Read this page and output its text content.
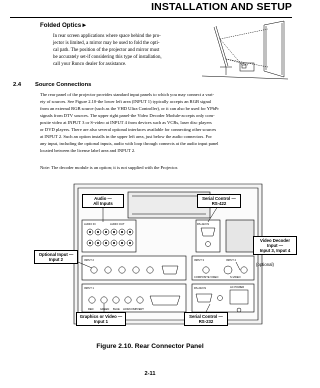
INSTALLATION AND SETUP
Folded Optics►
In rear screen applications where space behind the pro-
jector is limited, a mirror may be used to fold the opti-
cal path. The position of the projector and mirror must
be accurately set-if considering this type of installation,
call your Runco dealer for assistance.
2.4 Source Connections
The rear panel of the projector provides standard input panels to which you may connect a vari-
ety of sources. See Figure 2.10-the lower left area (INPUT 1) typically accepts an RGB signal
from an external RGB source (such as the VHD Ultra Controller), or it can also be used for YPbPr
signals from DTV sources. The upper right panel-the Video Decoder Module-accepts only com-
posite video at INPUT 3 or S-video at INPUT 4 from devices such as VCRs, laser disc players
or DVD players. There are also several optional interfaces available for connecting other sources
at INPUT 2. Such an option installs in the upper left area, just below the audio connectors. For
any input, including the optional inputs, audio with loop through connects at the audio input panel
located between the license label area and INPUT 2.
Note: The decoder module is an option; it is not supplied with the Projector.
INPUT 2	INPUT 3	INPUT 4
INPUT 1	RS-232 IN
RS-422 IN
AUDIO IN	AUDIO OUT
COMPOSITE VIDEO	S-VIDEO
RED	GREEN BLUE HOR/COMP VERT
AC POWER
Audio —
All Inputs
Serial Control —
RS-422
Optional Input —
Input 2
Video Decoder
Input —
Input 3, Input 4
(optional)
Graphics or Video —
Input 1
Serial Control —
RS-232
Figure 2.10. Rear Connector Panel
2-11
